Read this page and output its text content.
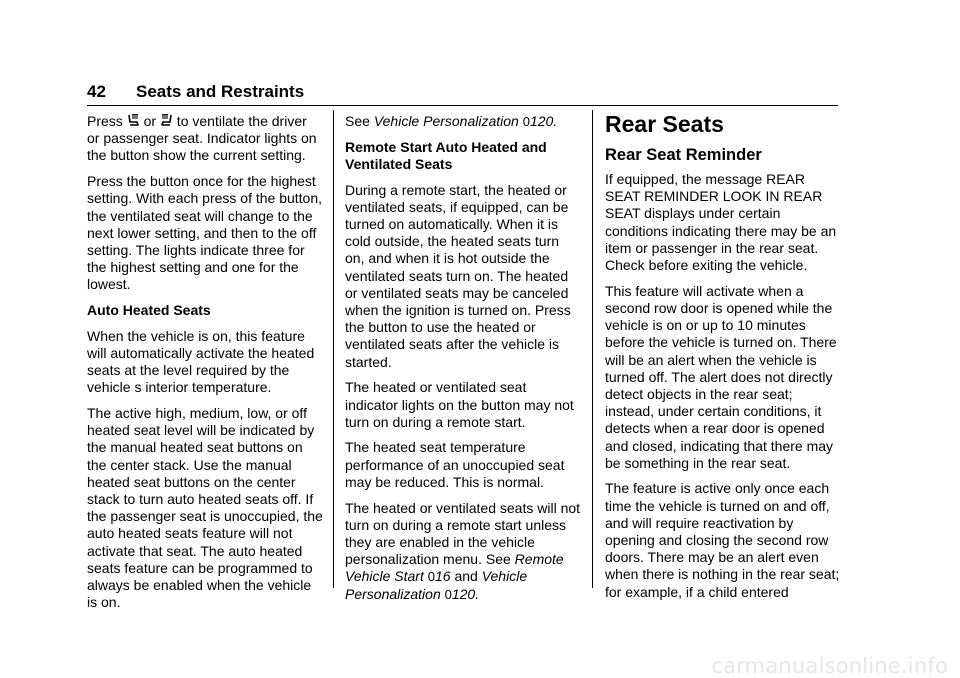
42 Seats and Restraints

Press
or
to ventilate the driver or passenger seat. Indicator lights on the button show the current setting.

Press the button once for the highest setting. With each press of the button, the ventilated seat will change to the next lower setting, and then to the off setting. The lights indicate three for the highest setting and one for the lowest.

Auto Heated Seats

When the vehicle is on, this feature will automatically activate the heated seats at the level required by the vehicle s interior temperature.

The active high, medium, low, or off heated seat level will be indicated by the manual heated seat buttons on the center stack. Use the manual heated seat buttons on the center stack to turn auto heated seats off. If the passenger seat is unoccupied, the auto heated seats feature will not activate that seat. The auto heated seats feature can be programmed to always be enabled when the vehicle is on.

See Vehicle Personalization 0120.

Remote Start Auto Heated and Ventilated Seats

During a remote start, the heated or ventilated seats, if equipped, can be turned on automatically. When it is cold outside, the heated seats turn on, and when it is hot outside the ventilated seats turn on. The heated or ventilated seats may be canceled when the ignition is turned on. Press the button to use the heated or ventilated seats after the vehicle is started.

The heated or ventilated seat indicator lights on the button may not turn on during a remote start.

The heated seat temperature performance of an unoccupied seat may be reduced. This is normal.

The heated or ventilated seats will not turn on during a remote start unless they are enabled in the vehicle personalization menu. See Remote Vehicle Start 016 and Vehicle Personalization 0120.

Rear Seats
Rear Seat Reminder

If equipped, the message REAR SEAT REMINDER LOOK IN REAR SEAT displays under certain conditions indicating there may be an item or passenger in the rear seat. Check before exiting the vehicle.

This feature will activate when a second row door is opened while the vehicle is on or up to 10 minutes before the vehicle is turned on. There will be an alert when the vehicle is turned off. The alert does not directly detect objects in the rear seat; instead, under certain conditions, it detects when a rear door is opened and closed, indicating that there may be something in the rear seat.

The feature is active only once each time the vehicle is turned on and off, and will require reactivation by opening and closing the second row doors. There may be an alert even when there is nothing in the rear seat; for example, if a child entered

carmanualsonline.info
